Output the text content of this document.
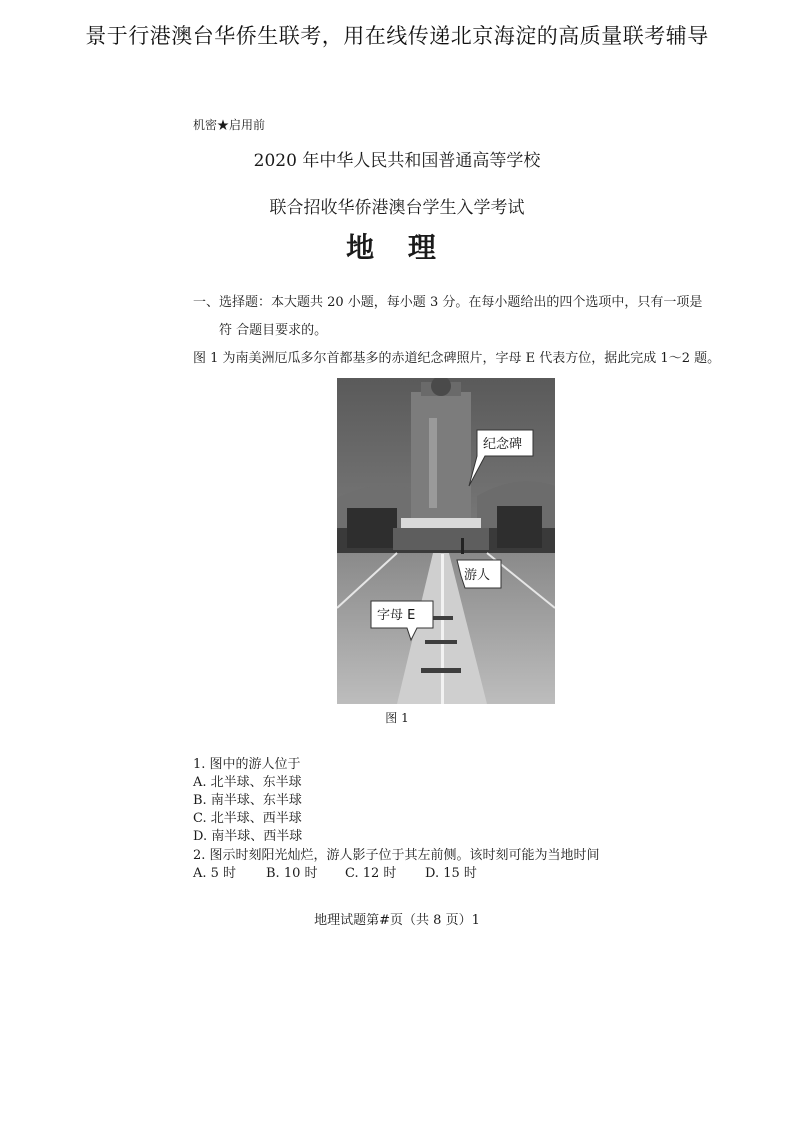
景于行港澳台华侨生联考，用在线传递北京海淀的高质量联考辅导
机密★启用前
2020 年中华人民共和国普通高等学校
联合招收华侨港澳台学生入学考试
地 理
一、选择题：本大题共 20 小题，每小题 3 分。在每小题给出的四个选项中，只有一项是
符 合题目要求的。
图 1 为南美洲厄瓜多尔首都基多的赤道纪念碑照片，字母 E 代表方位，据此完成 1～2 题。
纪念碑
游人
字母 E
图 1
1. 图中的游人位于
A. 北半球、东半球
B. 南半球、东半球
C. 北半球、西半球
D. 南半球、西半球
2. 图示时刻阳光灿烂，游人影子位于其左前侧。该时刻可能为当地时间
A. 5 时 B. 10 时 C. 12 时 D. 15 时
地理试题第#页（共 8 页）1
